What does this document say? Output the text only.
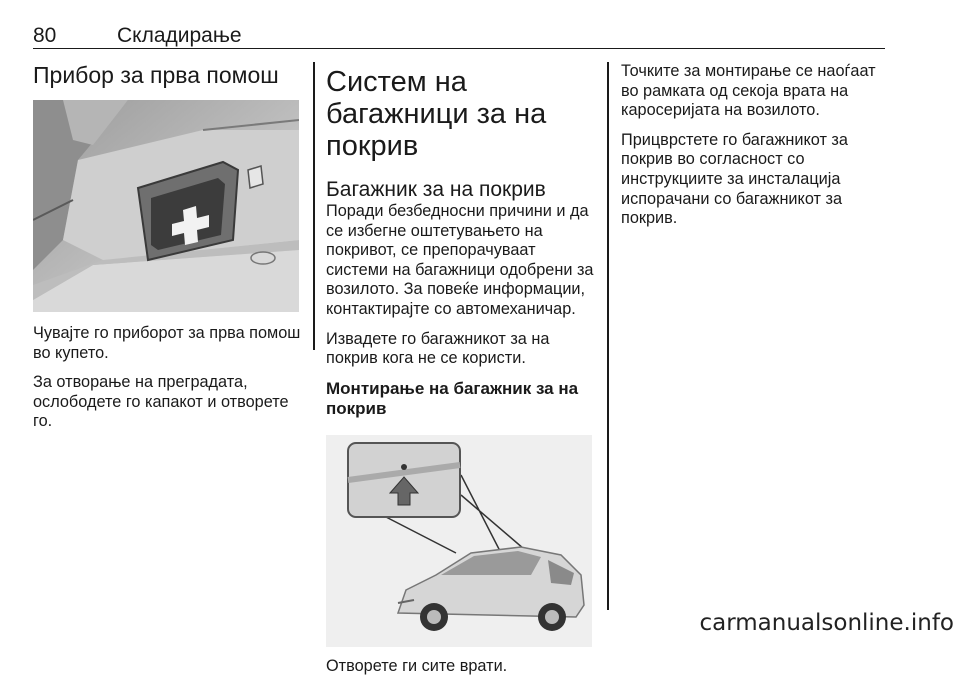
80	Складирање
Прибор за прва помош

Чувајте го приборот за прва помош во купето.

За отворање на преградата, ослободете го капакот и отворете го.

Систем на багажници за на покрив
Багажник за на покрив

Поради безбедносни причини и да се избегне оштетувањето на покривот, се препорачуваат системи на багажници одобрени за возилото. За повеќе информации, контактирајте со автомеханичар.

Извадете го багажникот за на покрив кога не се користи.

Монтирање на багажник за на покрив

Отворете ги сите врати.

Точките за монтирање се наоѓаат во рамката од секоја врата на каросеријата на возилото.

Прицврстете го багажникот за покрив во согласност со инструкциите за инсталација испорачани со багажникот за покрив.

carmanualsonline.info
